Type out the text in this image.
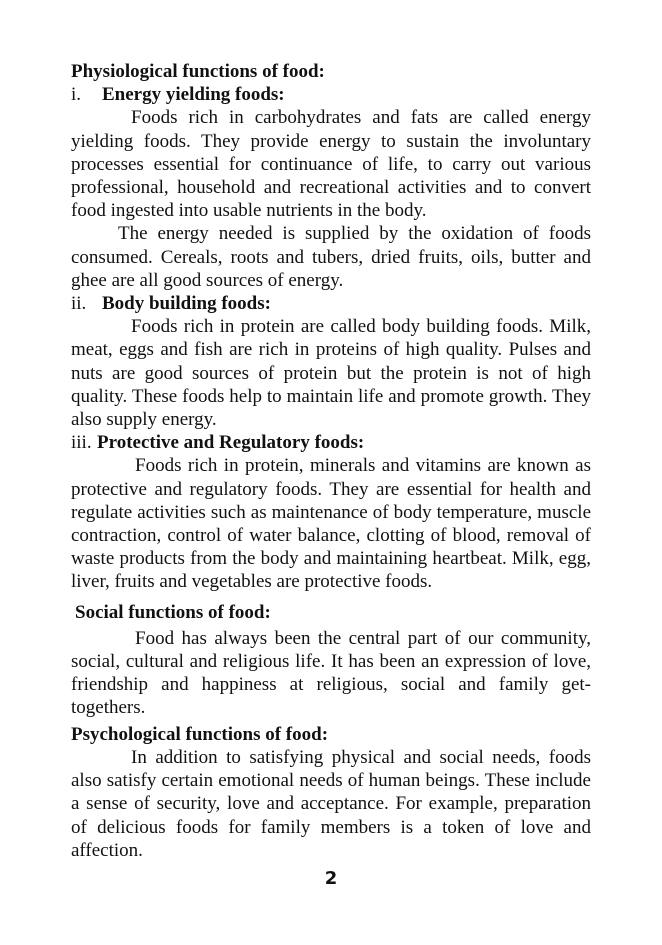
Physiological functions of food:

i. Energy yielding foods:

Foods rich in carbohydrates and fats are called energy yielding foods. They provide energy to sustain the involuntary processes essential for continuance of life, to carry out various professional, household and recreational activities and to convert food ingested into usable nutrients in the body.

The energy needed is supplied by the oxidation of foods consumed. Cereals, roots and tubers, dried fruits, oils, butter and ghee are all good sources of energy.

ii. Body building foods:

Foods rich in protein are called body building foods. Milk, meat, eggs and fish are rich in proteins of high quality. Pulses and nuts are good sources of protein but the protein is not of high quality. These foods help to maintain life and promote growth. They also supply energy.

iii. Protective and Regulatory foods:

Foods rich in protein, minerals and vitamins are known as protective and regulatory foods. They are essential for health and regulate activities such as maintenance of body temperature, muscle contraction, control of water balance, clotting of blood, removal of waste products from the body and maintaining heartbeat. Milk, egg, liver, fruits and vegetables are protective foods.

Social functions of food:

Food has always been the central part of our community, social, cultural and religious life. It has been an expression of love, friendship and happiness at religious, social and family get-togethers.

Psychological functions of food:

In addition to satisfying physical and social needs, foods also satisfy certain emotional needs of human beings. These include a sense of security, love and acceptance. For example, preparation of delicious foods for family members is a token of love and affection.

2
